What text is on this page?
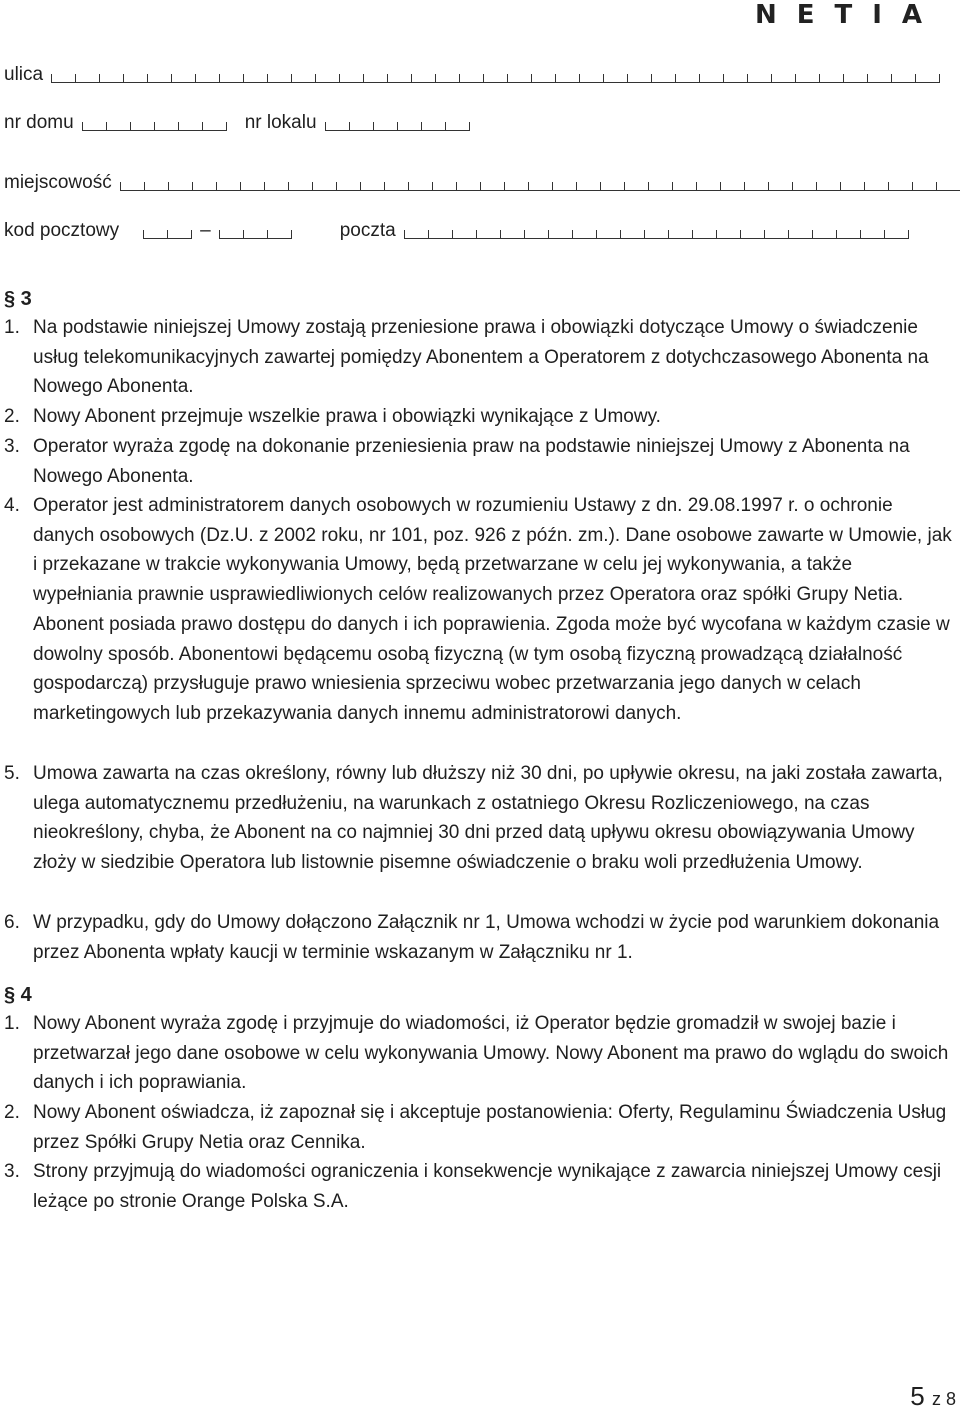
NETIA
ulica
nr domu	nr lokalu
miejscowość
kod pocztowy	–	poczta
§ 3
1. Na podstawie niniejszej Umowy zostają przeniesione prawa i obowiązki dotyczące Umowy o świadczenie usług telekomunikacyjnych zawartej pomiędzy Abonentem a Operatorem z dotychczasowego Abonenta na Nowego Abonenta.
2. Nowy Abonent przejmuje wszelkie prawa i obowiązki wynikające z Umowy.
3. Operator wyraża zgodę na dokonanie przeniesienia praw na podstawie niniejszej Umowy z Abonenta na Nowego Abonenta.
4. Operator jest administratorem danych osobowych w rozumieniu Ustawy z dn. 29.08.1997 r. o ochronie danych osobowych (Dz.U. z 2002 roku, nr 101, poz. 926 z późn. zm.). Dane osobowe zawarte w Umowie, jak i przekazane w trakcie wykonywania Umowy, będą przetwarzane w celu jej wykonywania, a także wypełniania prawnie usprawiedliwionych celów realizowanych przez Operatora oraz spółki Grupy Netia. Abonent posiada prawo dostępu do danych i ich poprawienia. Zgoda może być wycofana w każdym czasie w dowolny sposób. Abonentowi będącemu osobą fizyczną (w tym osobą fizyczną prowadzącą działalność gospodarczą) przysługuje prawo wniesienia sprzeciwu wobec przetwarzania jego danych w celach marketingowych lub przekazywania danych innemu administratorowi danych.
5. Umowa zawarta na czas określony, równy lub dłuższy niż 30 dni, po upływie okresu, na jaki została zawarta, ulega automatycznemu przedłużeniu, na warunkach z ostatniego Okresu Rozliczeniowego, na czas nieokreślony, chyba, że Abonent na co najmniej 30 dni przed datą upływu okresu obowiązywania Umowy złoży w siedzibie Operatora lub listownie pisemne oświadczenie o braku woli przedłużenia Umowy.
6. W przypadku, gdy do Umowy dołączono Załącznik nr 1, Umowa wchodzi w życie pod warunkiem dokonania przez Abonenta wpłaty kaucji w terminie wskazanym w Załączniku nr 1.
§ 4
1. Nowy Abonent wyraża zgodę i przyjmuje do wiadomości, iż Operator będzie gromadził w swojej bazie i przetwarzał jego dane osobowe w celu wykonywania Umowy. Nowy Abonent ma prawo do wglądu do swoich danych i ich poprawiania.
2. Nowy Abonent oświadcza, iż zapoznał się i akceptuje postanowienia: Oferty, Regulaminu Świadczenia Usług przez Spółki Grupy Netia oraz Cennika.
3. Strony przyjmują do wiadomości ograniczenia i konsekwencje wynikające z zawarcia niniejszej Umowy cesji leżące po stronie Orange Polska S.A.
5 z 8
